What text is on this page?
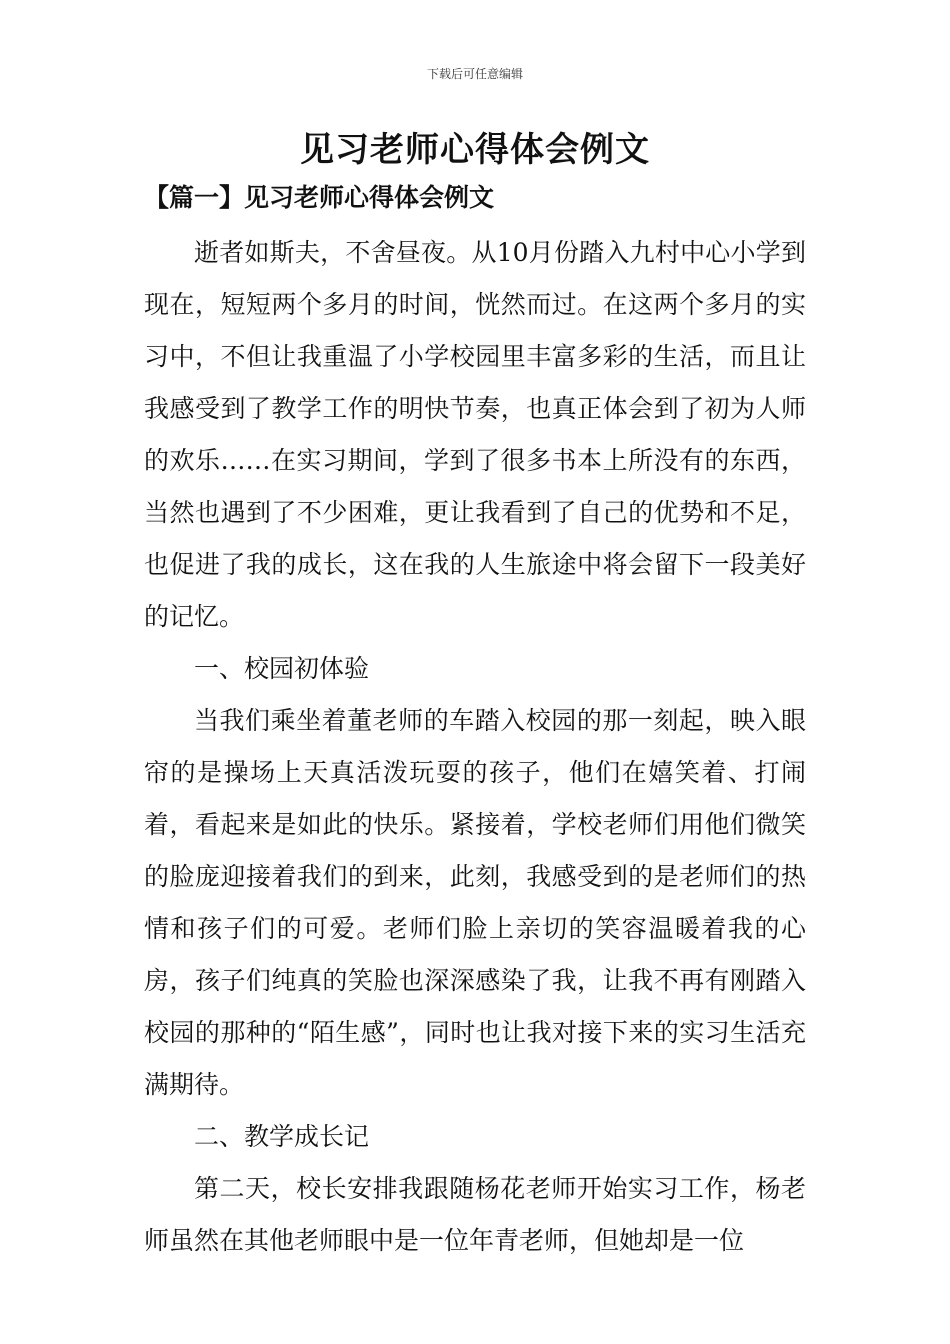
下载后可任意编辑
见习老师心得体会例文
【篇一】见习老师心得体会例文

逝者如斯夫，不舍昼夜。从10月份踏入九村中心小学到现在，短短两个多月的时间，恍然而过。在这两个多月的实习中，不但让我重温了小学校园里丰富多彩的生活，而且让我感受到了教学工作的明快节奏，也真正体会到了初为人师的欢乐……在实习期间，学到了很多书本上所没有的东西，当然也遇到了不少困难，更让我看到了自己的优势和不足，也促进了我的成长，这在我的人生旅途中将会留下一段美好的记忆。

一、校园初体验

当我们乘坐着董老师的车踏入校园的那一刻起，映入眼帘的是操场上天真活泼玩耍的孩子，他们在嬉笑着、打闹着，看起来是如此的快乐。紧接着，学校老师们用他们微笑的脸庞迎接着我们的到来，此刻，我感受到的是老师们的热情和孩子们的可爱。老师们脸上亲切的笑容温暖着我的心房，孩子们纯真的笑脸也深深感染了我，让我不再有刚踏入校园的那种的“陌生感”，同时也让我对接下来的实习生活充满期待。

二、教学成长记

第二天，校长安排我跟随杨花老师开始实习工作，杨老师虽然在其他老师眼中是一位年青老师，但她却是一位
